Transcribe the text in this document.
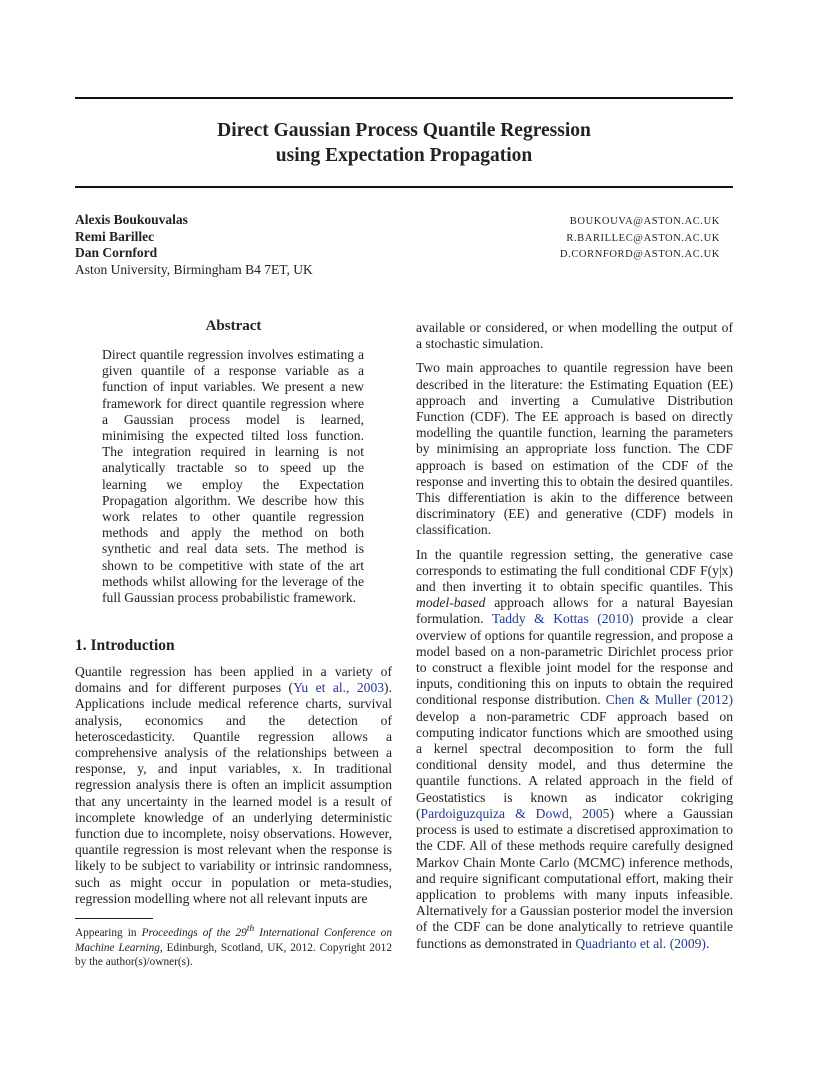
Direct Gaussian Process Quantile Regression
using Expectation Propagation
Alexis Boukouvalas
Remi Barillec
Dan Cornford
Aston University, Birmingham B4 7ET, UK
BOUKOUVA@ASTON.AC.UK
R.BARILLEC@ASTON.AC.UK
D.CORNFORD@ASTON.AC.UK
Abstract

Direct quantile regression involves estimating a given quantile of a response variable as a function of input variables. We present a new framework for direct quantile regression where a Gaussian process model is learned, minimising the expected tilted loss function. The integration required in learning is not analytically tractable so to speed up the learning we employ the Expectation Propagation algorithm. We describe how this work relates to other quantile regression methods and apply the method on both synthetic and real data sets. The method is shown to be competitive with state of the art methods whilst allowing for the leverage of the full Gaussian process probabilistic framework.

1. Introduction

Quantile regression has been applied in a variety of domains and for different purposes (Yu et al., 2003). Applications include medical reference charts, survival analysis, economics and the detection of heteroscedasticity. Quantile regression allows a comprehensive analysis of the relationships between a response, y, and input variables, x. In traditional regression analysis there is often an implicit assumption that any uncertainty in the learned model is a result of incomplete knowledge of an underlying deterministic function due to incomplete, noisy observations. However, quantile regression is most relevant when the response is likely to be subject to variability or intrinsic randomness, such as might occur in population or meta-studies, regression modelling where not all relevant inputs are

available or considered, or when modelling the output of a stochastic simulation.

Two main approaches to quantile regression have been described in the literature: the Estimating Equation (EE) approach and inverting a Cumulative Distribution Function (CDF). The EE approach is based on directly modelling the quantile function, learning the parameters by minimising an appropriate loss function. The CDF approach is based on estimation of the CDF of the response and inverting this to obtain the desired quantiles. This differentiation is akin to the difference between discriminatory (EE) and generative (CDF) models in classification.

In the quantile regression setting, the generative case corresponds to estimating the full conditional CDF F(y|x) and then inverting it to obtain specific quantiles. This model-based approach allows for a natural Bayesian formulation. Taddy & Kottas (2010) provide a clear overview of options for quantile regression, and propose a model based on a non-parametric Dirichlet process prior to construct a flexible joint model for the response and inputs, conditioning this on inputs to obtain the required conditional response distribution. Chen & Muller (2012) develop a non-parametric CDF approach based on computing indicator functions which are smoothed using a kernel spectral decomposition to form the full conditional density model, and thus determine the quantile functions. A related approach in the field of Geostatistics is known as indicator cokriging (Pardoiguzquiza & Dowd, 2005) where a Gaussian process is used to estimate a discretised approximation to the CDF. All of these methods require carefully designed Markov Chain Monte Carlo (MCMC) inference methods, and require significant computational effort, making their application to problems with many inputs infeasible. Alternatively for a Gaussian posterior model the inversion of the CDF can be done analytically to retrieve quantile functions as demonstrated in Quadrianto et al. (2009).

Appearing in Proceedings of the 29th International Conference on Machine Learning, Edinburgh, Scotland, UK, 2012. Copyright 2012 by the author(s)/owner(s).
